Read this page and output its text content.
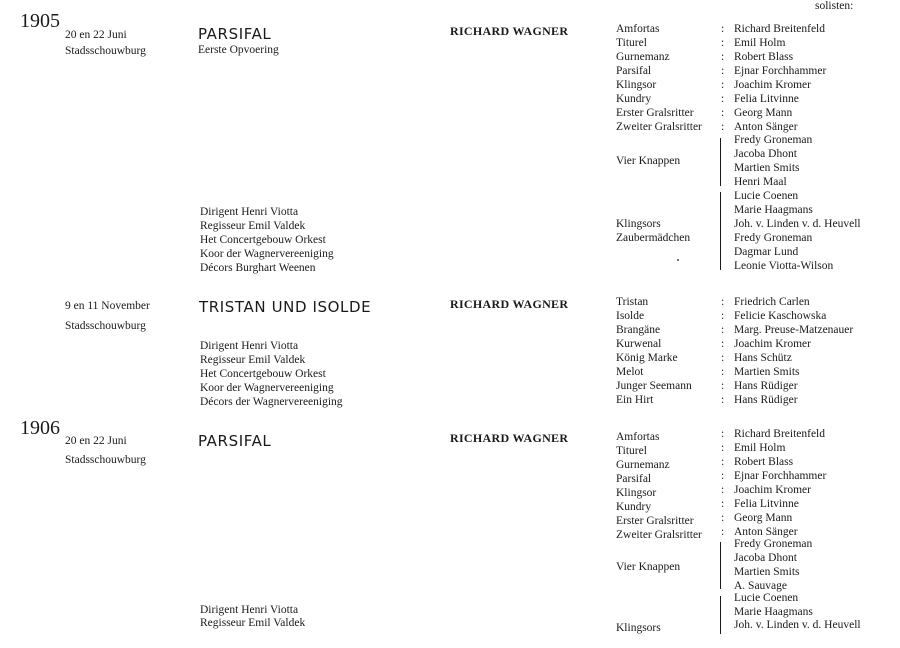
solisten:
1905
20 en 22 Juni
Stadsschouwburg
PARSIFAL
Eerste Opvoering
RICHARD WAGNER
Dirigent Henri Viotta
Regisseur Emil Valdek
Het Concertgebouw Orkest
Koor der Wagnervereeniging
Décors Burghart Weenen
Amfortas	: Richard Breitenfeld
Titurel	: Emil Holm
Gurnemanz	: Robert Blass
Parsifal	: Ejnar Forchhammer
Klingsor	: Joachim Kromer
Kundry	: Felia Litvinne
Erster Gralsritter : Georg Mann
Zweiter Gralsritter : Anton Sänger
Vier Knappen
Fredy Groneman
Jacoba Dhont
Martien Smits
Henri Maal
Klingsors
Zaubermädchen
Lucie Coenen
Marie Haagmans
Joh. v. Linden v. d. Heuvell
Fredy Groneman
Dagmar Lund
Leonie Viotta-Wilson
9 en 11 November
Stadsschouwburg
TRISTAN UND ISOLDE	RICHARD WAGNER
Dirigent Henri Viotta
Regisseur Emil Valdek
Het Concertgebouw Orkest
Koor der Wagnervereeniging
Décors der Wagnervereeniging
Tristan	: Friedrich Carlen
Isolde	: Felicie Kaschowska
Brangäne	: Marg. Preuse-Matzenauer
Kurwenal	: Joachim Kromer
König Marke	: Hans Schütz
Melot	: Martien Smits
Junger Seemann	: Hans Rüdiger
Ein Hirt	: Hans Rüdiger
1906
20 en 22 Juni
Stadsschouwburg
PARSIFAL	RICHARD WAGNER
Dirigent Henri Viotta
Regisseur Emil Valdek
Amfortas	: Richard Breitenfeld
Titurel	: Emil Holm
Gurnemanz	: Robert Blass
Parsifal	: Ejnar Forchhammer
Klingsor	: Joachim Kromer
Kundry	: Felia Litvinne
Erster Gralsritter : Georg Mann
Zweiter Gralsritter : Anton Sänger
Vier Knappen
Fredy Groneman
Jacoba Dhont
Martien Smits
A. Sauvage
Klingsors
Lucie Coenen
Marie Haagmans
Joh. v. Linden v. d. Heuvell
